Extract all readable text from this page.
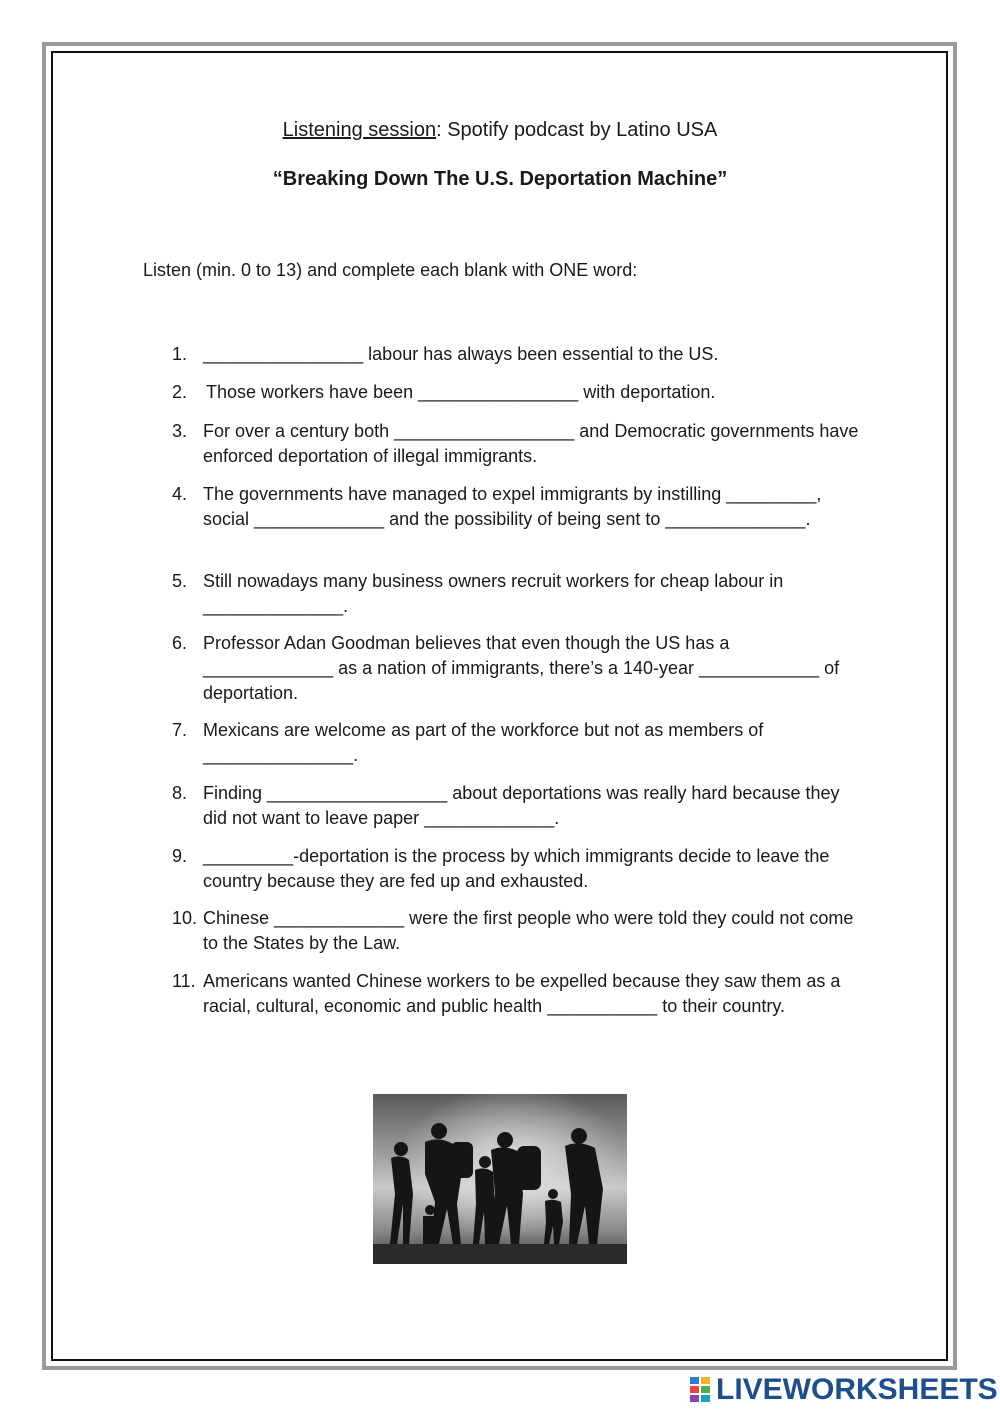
Listening session: Spotify podcast by Latino USA
“Breaking Down The U.S. Deportation Machine”
Listen (min. 0 to 13) and complete each blank with ONE word:
1. ________________ labour has always been essential to the US.
2. Those workers have been ________________ with deportation.
3. For over a century both __________________ and Democratic governments have enforced deportation of illegal immigrants.
4. The governments have managed to expel immigrants by instilling _________, social _____________ and the possibility of being sent to ______________.
5. Still nowadays many business owners recruit workers for cheap labour in ______________.
6. Professor Adan Goodman believes that even though the US has a _____________ as a nation of immigrants, there’s a 140-year ____________ of deportation.
7. Mexicans are welcome as part of the workforce but not as members of _______________.
8. Finding __________________ about deportations was really hard because they did not want to leave paper _____________.
9. _________-deportation is the process by which immigrants decide to leave the country because they are fed up and exhausted.
10. Chinese _____________ were the first people who were told they could not come to the States by the Law.
11. Americans wanted Chinese workers to be expelled because they saw them as a racial, cultural, economic and public health ___________ to their country.
LIVEWORKSHEETS
